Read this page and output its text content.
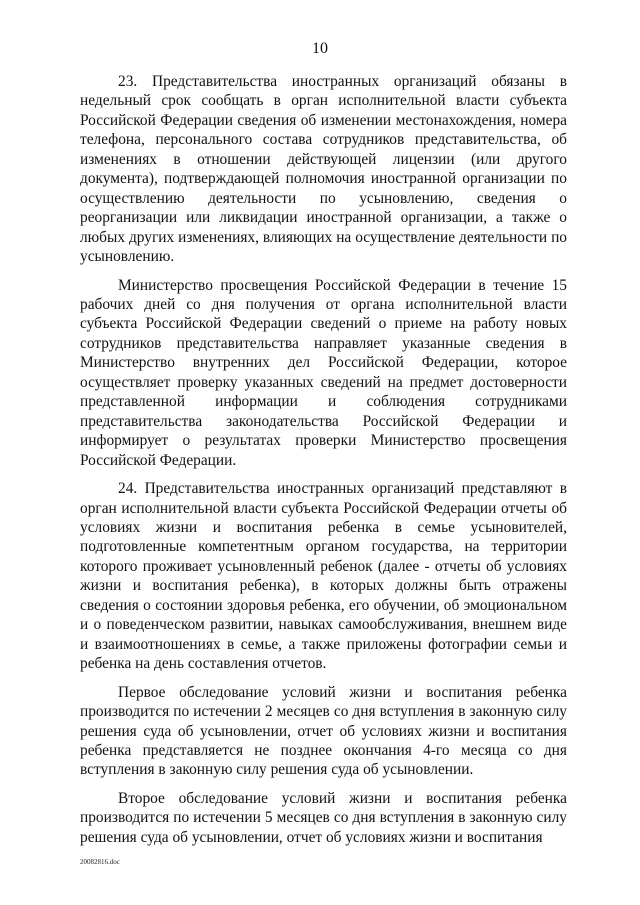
10

23. Представительства иностранных организаций обязаны в недельный срок сообщать в орган исполнительной власти субъекта Российской Федерации сведения об изменении местонахождения, номера телефона, персонального состава сотрудников представительства, об изменениях в отношении действующей лицензии (или другого документа), подтверждающей полномочия иностранной организации по осуществлению деятельности по усыновлению, сведения о реорганизации или ликвидации иностранной организации, а также о любых других изменениях, влияющих на осуществление деятельности по усыновлению.

Министерство просвещения Российской Федерации в течение 15 рабочих дней со дня получения от органа исполнительной власти субъекта Российской Федерации сведений о приеме на работу новых сотрудников представительства направляет указанные сведения в Министерство внутренних дел Российской Федерации, которое осуществляет проверку указанных сведений на предмет достоверности представленной информации и соблюдения сотрудниками представительства законодательства Российской Федерации и информирует о результатах проверки Министерство просвещения Российской Федерации.

24. Представительства иностранных организаций представляют в орган исполнительной власти субъекта Российской Федерации отчеты об условиях жизни и воспитания ребенка в семье усыновителей, подготовленные компетентным органом государства, на территории которого проживает усыновленный ребенок (далее - отчеты об условиях жизни и воспитания ребенка), в которых должны быть отражены сведения о состоянии здоровья ребенка, его обучении, об эмоциональном и о поведенческом развитии, навыках самообслуживания, внешнем виде и взаимоотношениях в семье, а также приложены фотографии семьи и ребенка на день составления отчетов.

Первое обследование условий жизни и воспитания ребенка производится по истечении 2 месяцев со дня вступления в законную силу решения суда об усыновлении, отчет об условиях жизни и воспитания ребенка представляется не позднее окончания 4-го месяца со дня вступления в законную силу решения суда об усыновлении.

Второе обследование условий жизни и воспитания ребенка производится по истечении 5 месяцев со дня вступления в законную силу решения суда об усыновлении, отчет об условиях жизни и воспитания

20082816.doc
